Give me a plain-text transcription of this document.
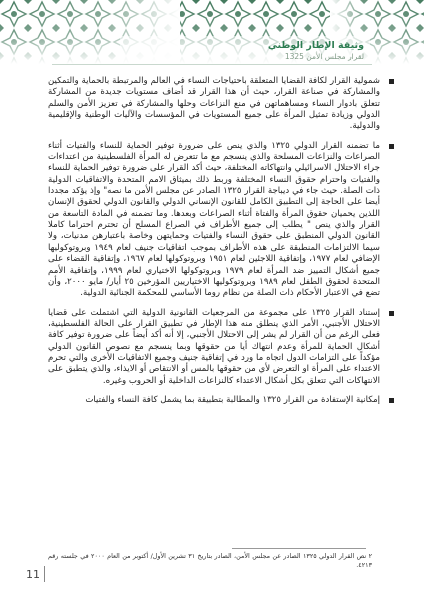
وثيقة الإطار الوطني
لقرار مجلس الأمن 1325
شمولية القرار لكافة القضايا المتعلقة باحتياجات النساء في العالم والمرتبطة بالحماية والتمكين والمشاركة في صناعة القرار، حيث أن هذا القرار قد أضاف مستويات جديدة من المشاركة تتعلق بادوار النساء ومساهماتهن في منع النزاعات وحلها والمشاركة في تعزيز الأمن والسلم الدولي وزيادة تمثيل المرأة على جميع المستويات في المؤسسات والآليات الوطنية والإقليمية والدولية.
ما تضمنه القرار الدولي ١٣٢٥ والذي ينص على ضرورة توفير الحماية للنساء والفتيات أثناء الصراعات والنزاعات المسلحة والذي ينسجم مع ما تتعرض له المرأة الفلسطينية من اعتداءات جراء الاحتلال الاسرائيلي وانتهاكاته المختلفة، حيث أكد القرار على ضرورة توفير الحماية للنساء والفتيات واحترام حقوق النساء المختلفة وربط ذلك بميثاق الامم المتحدة والاتفاقيات الدولية ذات الصلة. حيث جاء في ديباجة القرار ١٣٢٥ الصادر عن مجلس الأمن ما نصه" وإذ يؤكد مجددا أيضا على الحاجة إلى التطبيق الكامل للقانون الإنساني الدولي والقانون الدولي لحقوق الإنسان اللذين يحميان حقوق المرأة والفتاة أثناء الصراعات وبعدها. وما تضمنه في المادة التاسعة من القرار والذي ينص " يطلب إلى جميع الأطراف في الصراع المسلح أن تحترم احتراما كاملا القانون الدولي المنطبق على حقوق النساء والفتيات وحمايتهن وخاصة باعتبارهن مدنيات، ولا سيما الالتزامات المنطبقة على هذه الأطراف بموجب اتفاقيات جنيف لعام ١٩٤٩ وبروتوكوليها الإضافي لعام ١٩٧٧، وإتفاقية اللاجئين لعام ١٩٥١ وبروتوكولها لعام ١٩٦٧، وإتفاقية القضاء على جميع أشكال التمييز ضد المرأة لعام ١٩٧٩ وبروتوكولها الاختياري لعام ١٩٩٩، وإتفاقية الأمم المتحدة لحقوق الطفل لعام ١٩٨٩ وبروتوكوليها الاختياريين المؤرخين ٢٥ أيار/ مايو ٢٠٠٠، وأن تضع في الاعتبار الأحكام ذات الصلة من نظام روما الأساسي للمحكمة الجنائية الدولية.
إستناد القرار ١٣٢٥ على مجموعة من المرجعيات القانونية الدولية التي اشتملت على قضايا الاحتلال الأجنبي، الأمر الذي ينطلق منه هذا الإطار في تطبيق القرار على الحالة الفلسطينية، فعلى الرغم من أن القرار لم يشر إلى الاحتلال الأجنبي، إلا أنه أكد أيضاً على ضرورة توفير كافة أشكال الحماية للمرأة وعدم انتهاك أيا من حقوقها وبما ينسجم مع نصوص القانون الدولي مؤكداً على التزامات الدول اتجاه ما ورد في إتفاقية جنيف وجميع الاتفاقيات الأخرى والتي تحرم الاعتداء على المرأة او التعرض لأي من حقوقها بالمس أو الانتقاص أو الايذاء، والذي يتطبق على الانتهاكات التي تتعلق بكل أشكال الاعتداء كالنزاعات الداخلية أو الحروب وغيره.
إمكانية الإستفادة من القرار ١٣٢٥ والمطالبة بتطبيقة بما يشمل كافة النساء والفتيات
٢ نص القرار الدولي ١٣٢٥ الصادر عن مجلس الأمن، الصادر بتاريخ ٣١ تشرين الأول/ أكتوبر من العام ٢٠٠٠ في جلسته رقم ٤٢١٣.
11
